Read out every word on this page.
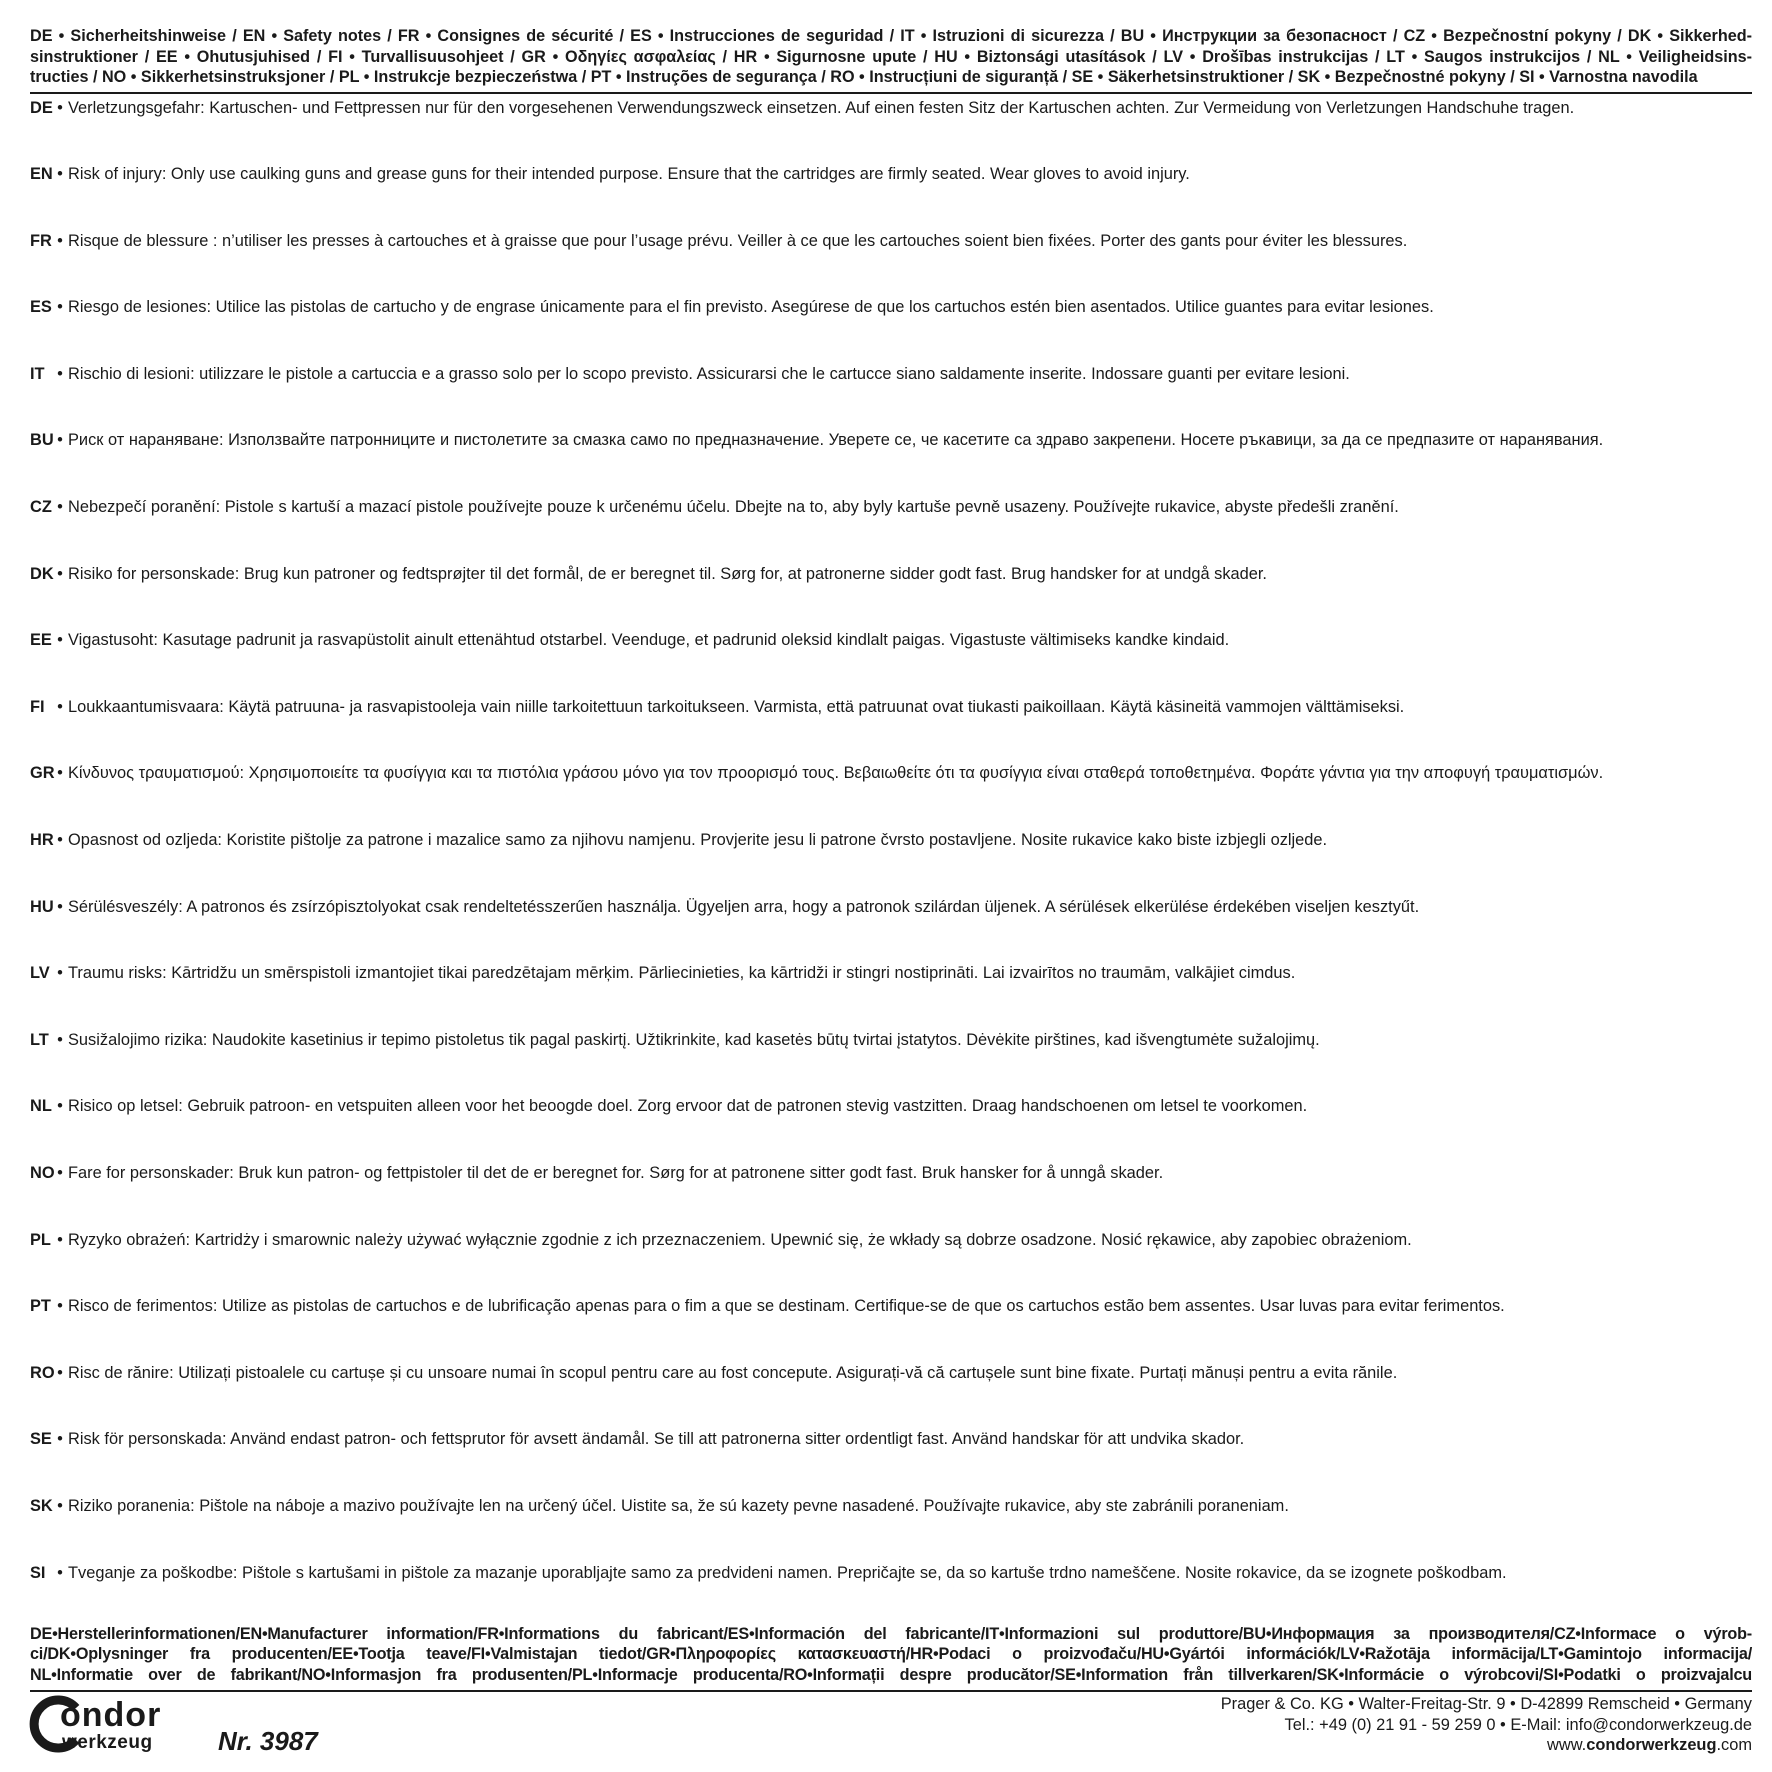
DE • Sicherheitshinweise / EN • Safety notes / FR • Consignes de sécurité / ES • Instrucciones de seguridad / IT • Istruzioni di sicurezza / BU • Инструкции за безопасност / CZ • Bezpečnostní pokyny / DK • Sikkerhed-
sinstruktioner / EE • Ohutusjuhised / FI • Turvallisuusohjeet / GR • Οδηγίες ασφαλείας / HR • Sigurnosne upute / HU • Biztonsági utasítások / LV • Drošības instrukcijas / LT • Saugos instrukcijos / NL • Veiligheidsins-
tructies / NO • Sikkerhetsinstruksjoner / PL • Instrukcje bezpieczeństwa / PT • Instruções de segurança / RO • Instrucțiuni de siguranță / SE • Säkerhetsinstruktioner / SK • Bezpečnostné pokyny / SI • Varnostna navodila
DE • Verletzungsgefahr: Kartuschen- und Fettpressen nur für den vorgesehenen Verwendungszweck einsetzen. Auf einen festen Sitz der Kartuschen achten. Zur Vermeidung von Verletzungen Handschuhe tragen.
EN • Risk of injury: Only use caulking guns and grease guns for their intended purpose. Ensure that the cartridges are firmly seated. Wear gloves to avoid injury.
FR • Risque de blessure : n’utiliser les presses à cartouches et à graisse que pour l’usage prévu. Veiller à ce que les cartouches soient bien fixées. Porter des gants pour éviter les blessures.
ES • Riesgo de lesiones: Utilice las pistolas de cartucho y de engrase únicamente para el fin previsto. Asegúrese de que los cartuchos estén bien asentados. Utilice guantes para evitar lesiones.
IT • Rischio di lesioni: utilizzare le pistole a cartuccia e a grasso solo per lo scopo previsto. Assicurarsi che le cartucce siano saldamente inserite. Indossare guanti per evitare lesioni.
BU • Риск от нараняване: Използвайте патронниците и пистолетите за смазка само по предназначение. Уверете се, че касетите са здраво закрепени. Носете ръкавици, за да се предпазите от наранявания.
CZ • Nebezpečí poranění: Pistole s kartuší a mazací pistole používejte pouze k určenému účelu. Dbejte na to, aby byly kartuše pevně usazeny. Používejte rukavice, abyste předešli zranění.
DK • Risiko for personskade: Brug kun patroner og fedtsprøjter til det formål, de er beregnet til. Sørg for, at patronerne sidder godt fast. Brug handsker for at undgå skader.
EE • Vigastusoht: Kasutage padrunit ja rasvapüstolit ainult ettenähtud otstarbel. Veenduge, et padrunid oleksid kindlalt paigas. Vigastuste vältimiseks kandke kindaid.
FI • Loukkaantumisvaara: Käytä patruuna- ja rasvapistooleja vain niille tarkoitettuun tarkoitukseen. Varmista, että patruunat ovat tiukasti paikoillaan. Käytä käsineitä vammojen välttämiseksi.
GR • Κίνδυνος τραυματισμού: Χρησιμοποιείτε τα φυσίγγια και τα πιστόλια γράσου μόνο για τον προορισμό τους. Βεβαιωθείτε ότι τα φυσίγγια είναι σταθερά τοποθετημένα. Φοράτε γάντια για την αποφυγή τραυματισμών.
HR • Opasnost od ozljeda: Koristite pištolje za patrone i mazalice samo za njihovu namjenu. Provjerite jesu li patrone čvrsto postavljene. Nosite rukavice kako biste izbjegli ozljede.
HU • Sérülésveszély: A patronos és zsírzópisztolyokat csak rendeltetésszerűen használja. Ügyeljen arra, hogy a patronok szilárdan üljenek. A sérülések elkerülése érdekében viseljen kesztyűt.
LV • Traumu risks: Kārtridžu un smērspistoli izmantojiet tikai paredzētajam mērķim. Pārliecinieties, ka kārtridži ir stingri nostiprināti. Lai izvairītos no traumām, valkājiet cimdus.
LT • Susižalojimo rizika: Naudokite kasetinius ir tepimo pistoletus tik pagal paskirtį. Užtikrinkite, kad kasetės būtų tvirtai įstatytos. Dėvėkite pirštines, kad išvengtumėte sužalojimų.
NL • Risico op letsel: Gebruik patroon- en vetspuiten alleen voor het beoogde doel. Zorg ervoor dat de patronen stevig vastzitten. Draag handschoenen om letsel te voorkomen.
NO • Fare for personskader: Bruk kun patron- og fettpistoler til det de er beregnet for. Sørg for at patronene sitter godt fast. Bruk hansker for å unngå skader.
PL • Ryzyko obrażeń: Kartridży i smarownic należy używać wyłącznie zgodnie z ich przeznaczeniem. Upewnić się, że wkłady są dobrze osadzone. Nosić rękawice, aby zapobiec obrażeniom.
PT • Risco de ferimentos: Utilize as pistolas de cartuchos e de lubrificação apenas para o fim a que se destinam. Certifique-se de que os cartuchos estão bem assentes. Usar luvas para evitar ferimentos.
RO • Risc de rănire: Utilizați pistoalele cu cartușe și cu unsoare numai în scopul pentru care au fost concepute. Asigurați-vă că cartușele sunt bine fixate. Purtați mănuși pentru a evita rănile.
SE • Risk för personskada: Använd endast patron- och fettsprutor för avsett ändamål. Se till att patronerna sitter ordentligt fast. Använd handskar för att undvika skador.
SK • Riziko poranenia: Pištole na náboje a mazivo používajte len na určený účel. Uistite sa, že sú kazety pevne nasadené. Používajte rukavice, aby ste zabránili poraneniam.
SI • Tveganje za poškodbe: Pištole s kartušami in pištole za mazanje uporabljajte samo za predvideni namen. Prepričajte se, da so kartuše trdno nameščene. Nosite rokavice, da se izognete poškodbam.
DE•Herstellerinformationen/EN•Manufacturer information/FR•Informations du fabricant/ES•Información del fabricante/IT•Informazioni sul produttore/BU•Информация за производителя/CZ•Informace o výrob-
ci/DK•Oplysninger fra producenten/EE•Tootja teave/FI•Valmistajan tiedot/GR•Πληροφορίες κατασκευαστή/HR•Podaci o proizvođaču/HU•Gyártói információk/LV•Ražotāja informācija/LT•Gamintojo informacija/
NL•Informatie over de fabrikant/NO•Informasjon fra produsenten/PL•Informacje producenta/RO•Informații despre producător/SE•Information från tillverkaren/SK•Informácie o výrobcovi/SI•Podatki o proizvajalcu
ondor
werkzeug	Nr. 3987
Prager & Co. KG • Walter-Freitag-Str. 9 • D-42899 Remscheid • Germany
Tel.: +49 (0) 21 91 - 59 259 0 • E-Mail: info@condorwerkzeug.de
www.condorwerkzeug.com
